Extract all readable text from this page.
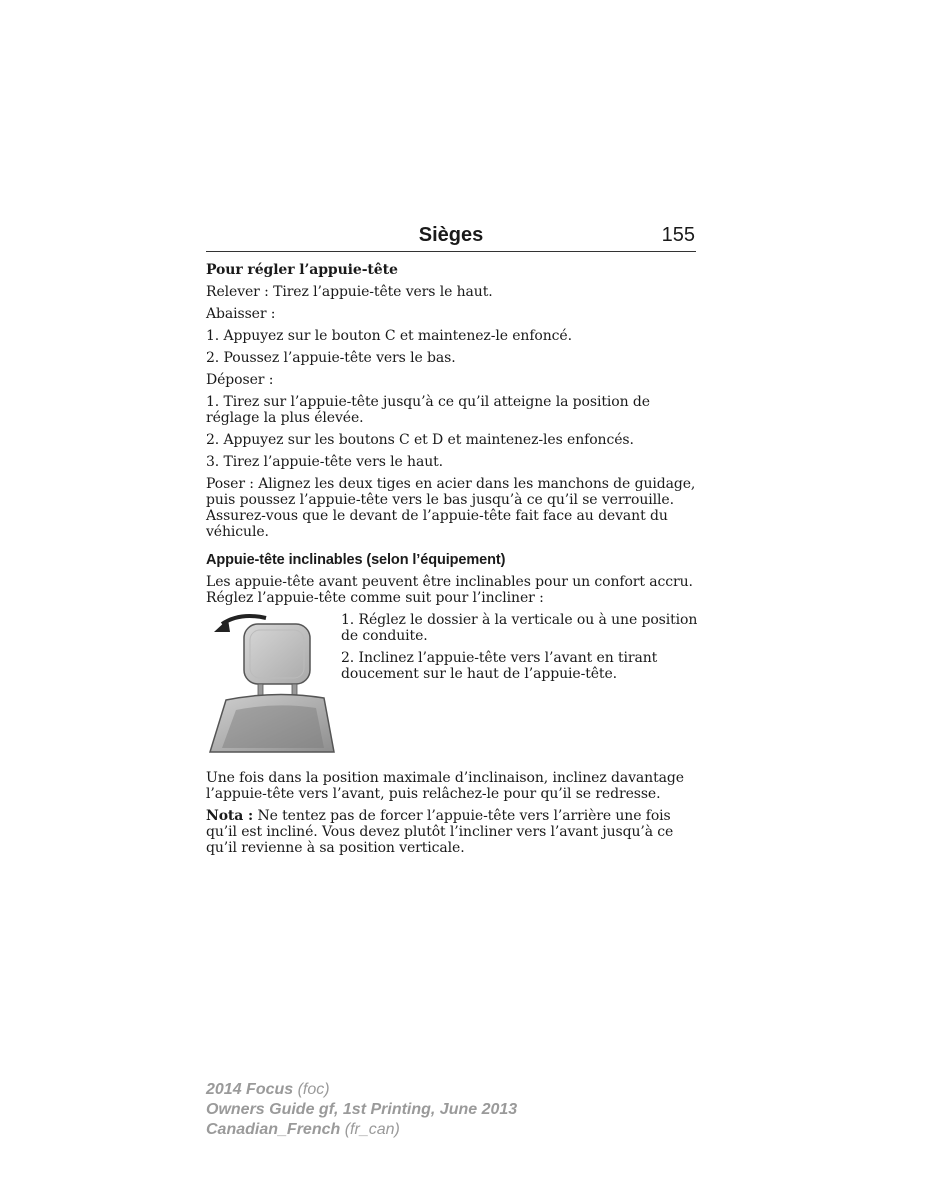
Sièges	155
Pour régler l’appuie-tête
Relever : Tirez l’appuie-tête vers le haut.
Abaisser :
1. Appuyez sur le bouton C et maintenez-le enfoncé.
2. Poussez l’appuie-tête vers le bas.
Déposer :
1. Tirez sur l’appuie-tête jusqu’à ce qu’il atteigne la position de réglage la plus élevée.
2. Appuyez sur les boutons C et D et maintenez-les enfoncés.
3. Tirez l’appuie-tête vers le haut.
Poser : Alignez les deux tiges en acier dans les manchons de guidage, puis poussez l’appuie-tête vers le bas jusqu’à ce qu’il se verrouille. Assurez-vous que le devant de l’appuie-tête fait face au devant du véhicule.
Appuie-tête inclinables (selon l’équipement)
Les appuie-tête avant peuvent être inclinables pour un confort accru. Réglez l’appuie-tête comme suit pour l’incliner :
1. Réglez le dossier à la verticale ou à une position de conduite.
2. Inclinez l’appuie-tête vers l’avant en tirant doucement sur le haut de l’appuie-tête.
Une fois dans la position maximale d’inclinaison, inclinez davantage l’appuie-tête vers l’avant, puis relâchez-le pour qu’il se redresse.
Nota : Ne tentez pas de forcer l’appuie-tête vers l’arrière une fois qu’il est incliné. Vous devez plutôt l’incliner vers l’avant jusqu’à ce qu’il revienne à sa position verticale.
2014 Focus (foc)
Owners Guide gf, 1st Printing, June 2013
Canadian_French (fr_can)
